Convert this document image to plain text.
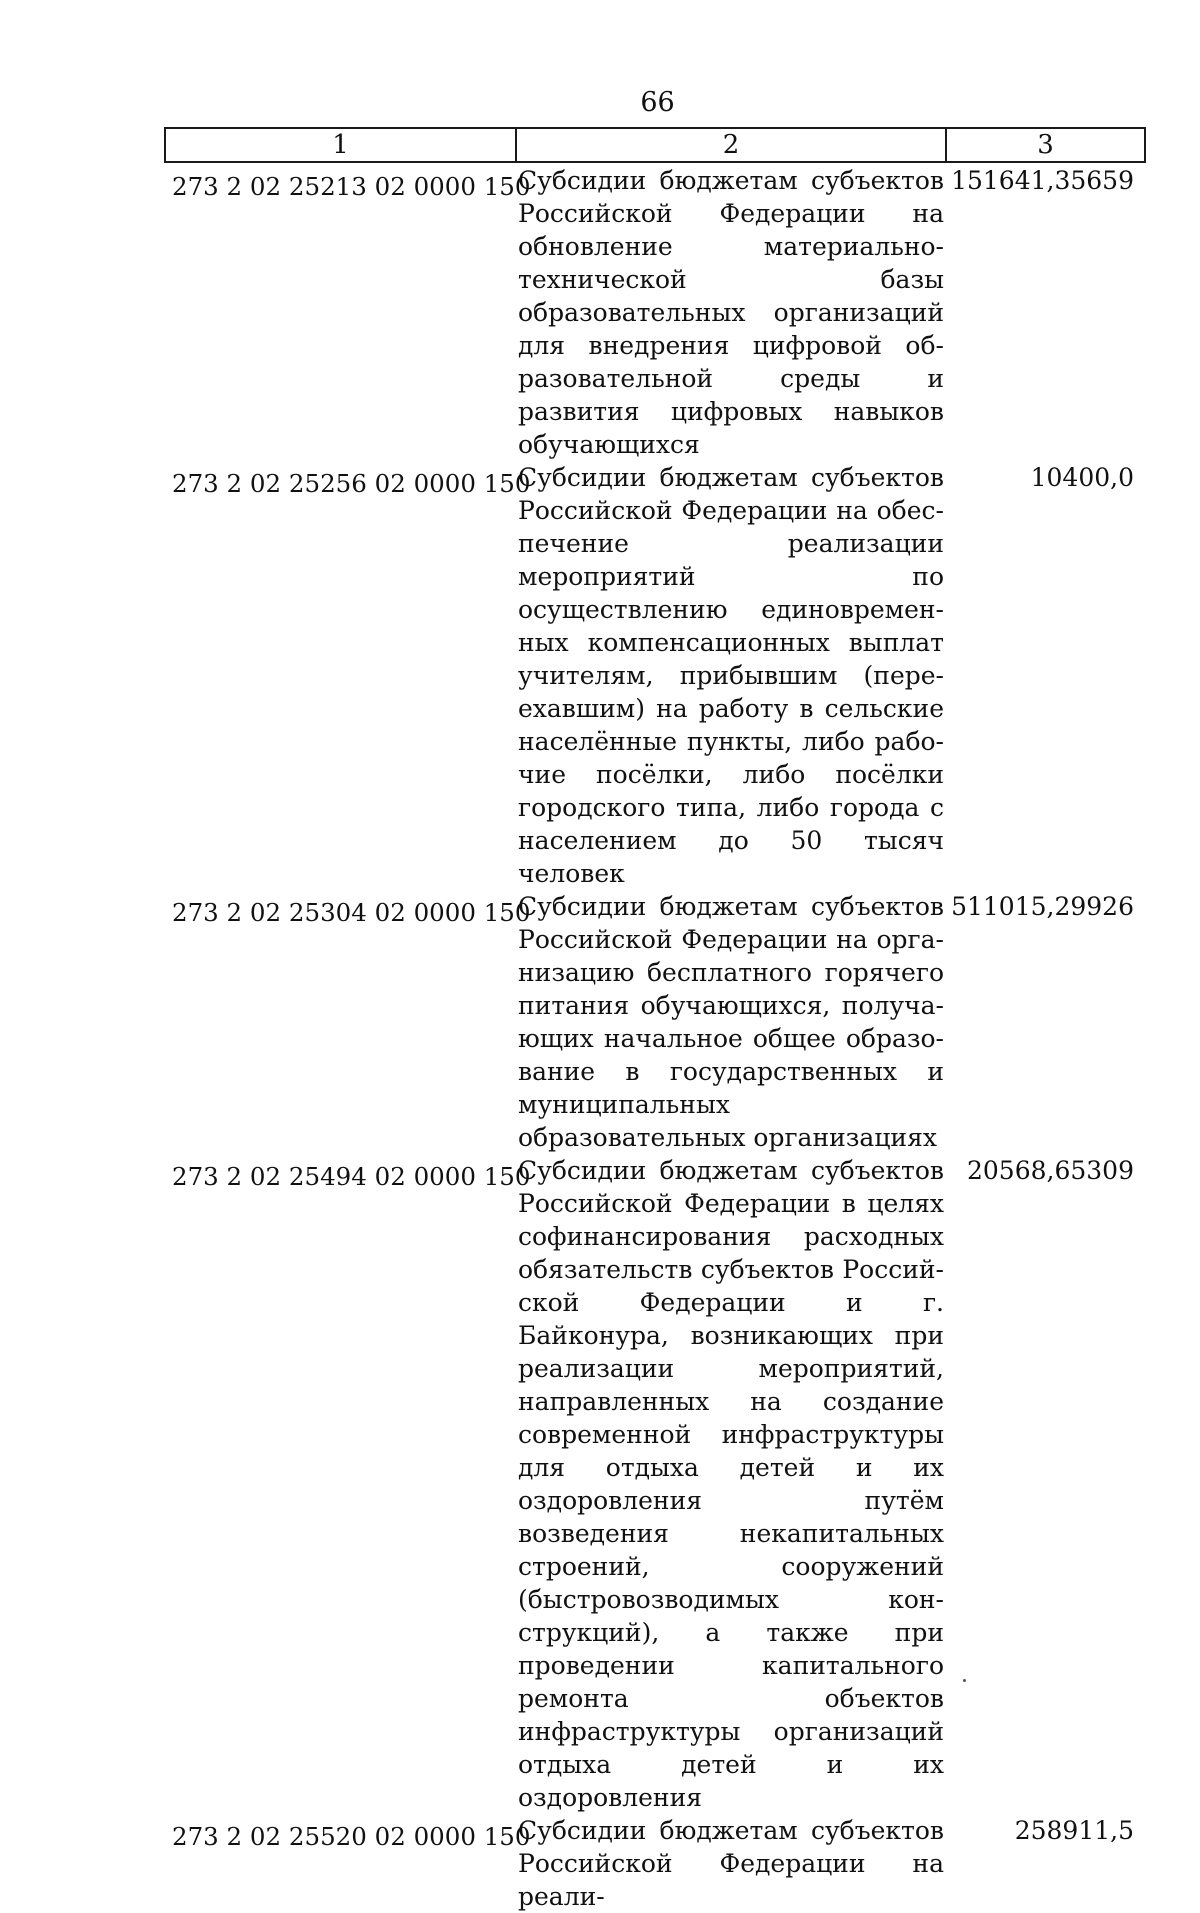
66
1	2	3
273 2 02 25213 02 0000 150
Субсидии бюджетам субъектов Российской Федерации на обновление материально-технической базы образовательных организаций для внедрения цифровой образовательной среды и развития цифровых навыков обучающихся
151641,35659
273 2 02 25256 02 0000 150
Субсидии бюджетам субъектов Российской Федерации на обеспечение реализации мероприятий по осуществлению единовременных компенсационных выплат учителям, прибывшим (переехавшим) на работу в сельские населённые пункты, либо рабочие посёлки, либо посёлки городского типа, либо города с населением до 50 тысяч человек
10400,0
273 2 02 25304 02 0000 150
Субсидии бюджетам субъектов Российской Федерации на организацию бесплатного горячего питания обучающихся, получающих начальное общее образование в государственных и муниципальных образовательных организациях
511015,29926
273 2 02 25494 02 0000 150
Субсидии бюджетам субъектов Российской Федерации в целях софинансирования расходных обязательств субъектов Российской Федерации и г. Байконура, возникающих при реализации мероприятий, направленных на создание современной инфраструктуры для отдыха детей и их оздоровления путём возведения некапитальных строений, сооружений (быстровозводимых конструкций), а также при проведении капитального ремонта объектов инфраструктуры организаций отдыха детей и их оздоровления
20568,65309
273 2 02 25520 02 0000 150
Субсидии бюджетам субъектов Российской Федерации на реали-
258911,5
